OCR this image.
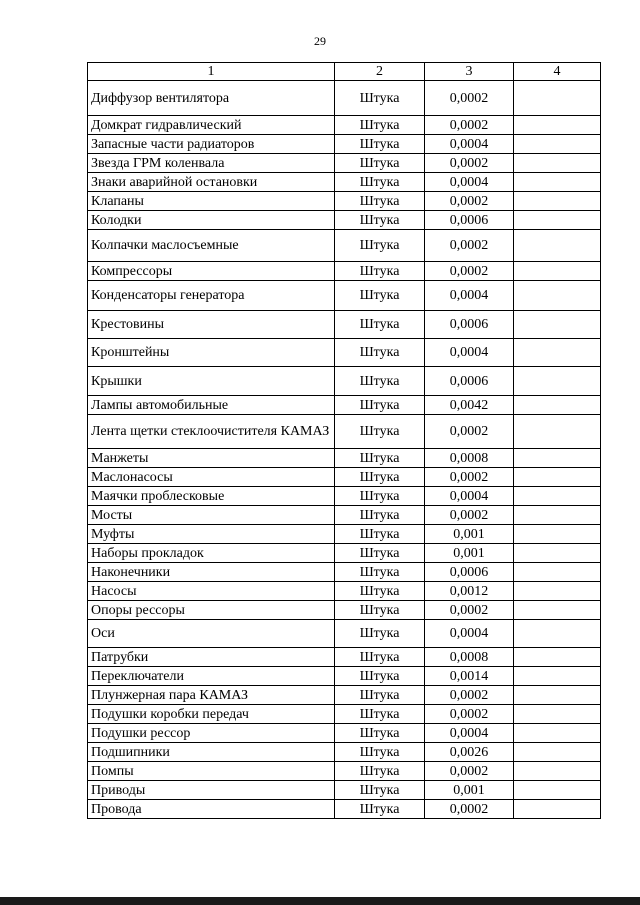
29
1	2	3	4
Диффузор вентилятора	Штука	0,0002	
Домкрат гидравлический	Штука	0,0002	
Запасные части радиаторов	Штука	0,0004	
Звезда ГРМ коленвала	Штука	0,0002	
Знаки аварийной остановки	Штука	0,0004	
Клапаны	Штука	0,0002	
Колодки	Штука	0,0006	
Колпачки маслосъемные	Штука	0,0002	
Компрессоры	Штука	0,0002	
Конденсаторы генератора	Штука	0,0004	
Крестовины	Штука	0,0006	
Кронштейны	Штука	0,0004	
Крышки	Штука	0,0006	
Лампы автомобильные	Штука	0,0042	
Лента щетки стеклоочистителя КАМАЗ	Штука	0,0002	
Манжеты	Штука	0,0008	
Маслонасосы	Штука	0,0002	
Маячки проблесковые	Штука	0,0004	
Мосты	Штука	0,0002	
Муфты	Штука	0,001	
Наборы прокладок	Штука	0,001	
Наконечники	Штука	0,0006	
Насосы	Штука	0,0012	
Опоры рессоры	Штука	0,0002	
Оси	Штука	0,0004	
Патрубки	Штука	0,0008	
Переключатели	Штука	0,0014	
Плунжерная пара КАМАЗ	Штука	0,0002	
Подушки коробки передач	Штука	0,0002	
Подушки рессор	Штука	0,0004	
Подшипники	Штука	0,0026	
Помпы	Штука	0,0002	
Приводы	Штука	0,001	
Провода	Штука	0,0002	
